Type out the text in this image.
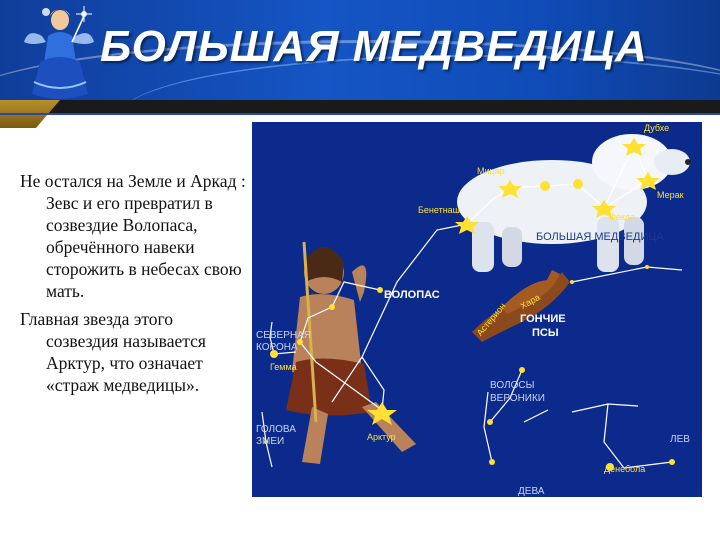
БОЛЬШАЯ МЕДВЕДИЦА

Не остался на Земле и Аркад : Зевс и его превратил в созвездие Волопаса, обречённого навеки сторожить в небесах свою мать.

Главная звезда этого созвездия называется Арктур, что означает «страж медведицы».

Дубхе
Мерак
Фекда
Мицар
Бенетнаш
Арктур
Гемма
Астерион Хара
Денебола
БОЛЬШАЯ МЕДВЕДИЦА
ВОЛОПАС
ГОНЧИЕ
ПСЫ
СЕВЕРНАЯ
КОРОНА
ГОЛОВА
ЗМЕИ
ВОЛОСЫ
ВЕРОНИКИ
ЛЕВ
ДЕВА
